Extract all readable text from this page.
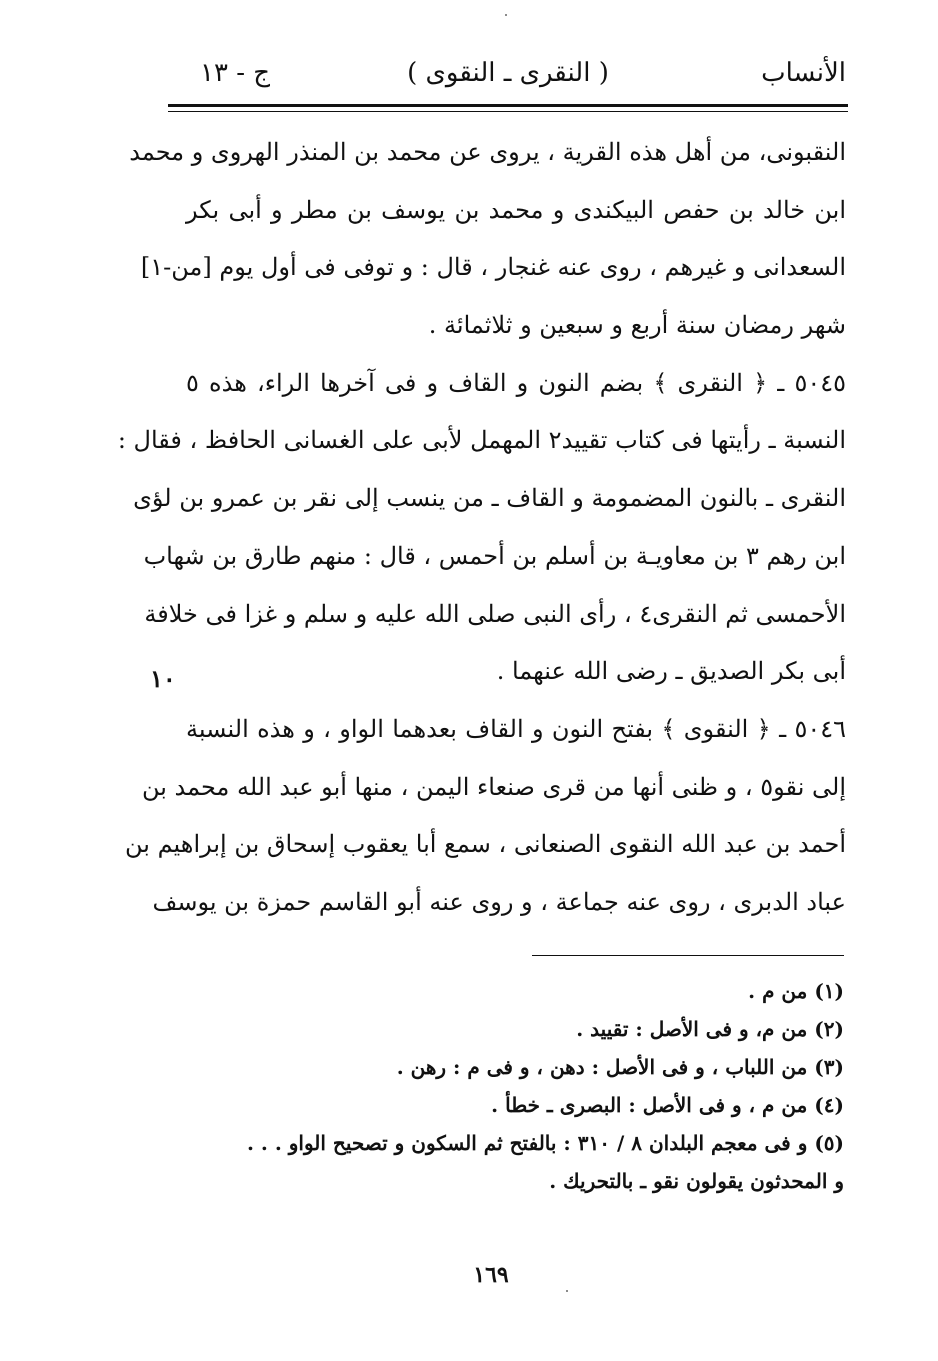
الأنساب
( النقرى ـ النقوى )
ج - ١٣
النقبونى، من أهل هذه القرية ، يروى عن محمد بن المنذر الهروى و محمد
ابن خالد بن حفص البيكندى و محمد بن يوسف بن مطر و أبى بكر
السعدانى و غيرهم ، روى عنه غنجار ، قال : و توفى فى أول يوم [من-١]
شهر رمضان سنة أربع و سبعين و ثلاثمائة .
٥٠٤٥ ـ ﴿ النقرى ﴾ بضم النون و القاف و فى آخرها الراء، هذه ٥
النسبة ـ رأيتها فى كتاب تقييد٢ المهمل لأبى على الغسانى الحافظ ، فقال :
النقرى ـ بالنون المضمومة و القاف ـ من ينسب إلى نقر بن عمرو بن لؤى
ابن رهم ٣ بن معاويـة بن أسلم بن أحمس ، قال : منهم طارق بن شهاب
الأحمسى ثم النقرى٤ ، رأى النبى صلى الله عليه و سلم و غزا فى خلافة
أبى بكر الصديق ـ رضى الله عنهما .
٥٠٤٦ ـ ﴿ النقوى ﴾ بفتح النون و القاف بعدهما الواو ، و هذه النسبة
إلى نقو٥ ، و ظنى أنها من قرى صنعاء اليمن ، منها أبو عبد الله محمد بن
أحمد بن عبد الله النقوى الصنعانى ، سمع أبا يعقوب إسحاق بن إبراهيم بن
عباد الدبرى ، روى عنه جماعة ، و روى عنه أبو القاسم حمزة بن يوسف
١٠
(١) من م .
(٢) من م، و فى الأصل : تقييد .
(٣) من اللباب ، و فى الأصل : دهن ، و فى م : رهن .
(٤) من م ، و فى الأصل : البصرى ـ خطأ .
(٥) و فى معجم البلدان ٨ / ٣١٠ : بالفتح ثم السكون و تصحيح الواو . . .
و المحدثون يقولون نقو ـ بالتحريك .
١٦٩
